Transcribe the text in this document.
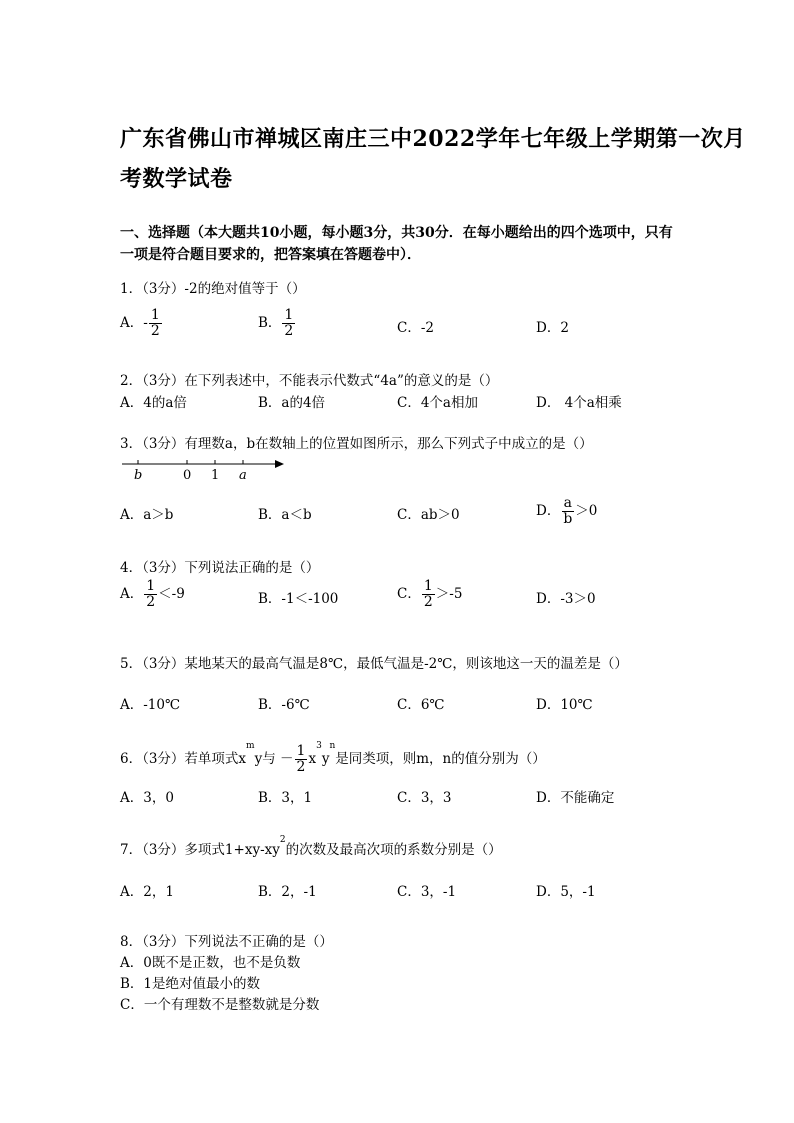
广东省佛山市禅城区南庄三中2022学年七年级上学期第一次月
考数学试卷
一、选择题（本大题共10小题，每小题3分，共30分．在每小题给出的四个选项中，只有一项是符合题目要求的，把答案填在答题卷中）．
1．（3分）-2的绝对值等于（）
A．- $\frac{1}{2}$	B． $\frac{1}{2}$	C．-2	D．2
2．（3分）在下列表述中，不能表示代数式“4a”的意义的是（）
A．4的a倍	B．a的4倍	C．4个a相加	D． 4个a相乘
3．（3分）有理数a，b在数轴上的位置如图所示，那么下列式子中成立的是（）
b	0 1 a
A．a＞b	B．a＜b	C．ab＞0	D． $\frac{a}{b} >0$
4．（3分）下列说法正确的是（）
A． $\frac{1}{2} <-9$	B．-1＜-100	C． $\frac{1}{2} >-5$	D．-3＞0
5．（3分）某地某天的最高气温是8℃，最低气温是-2℃，则该地这一天的温差是（）
A．-10℃	B．-6℃	C．6℃	D．10℃
6．（3分）若单项式$x^my$与 － $\frac{1}{2} x^3y^n$是同类项，则m，n的值分别为（）
A．3，0	B．3，1	C．3，3	D．不能确定
7．（3分）多项式$1+xy-xy^2$的次数及最高次项的系数分别是（）
A．2，1	B．2，-1	C．3，-1	D．5，-1
8．（3分）下列说法不正确的是（）
A．0既不是正数，也不是负数
B．1是绝对值最小的数
C．一个有理数不是整数就是分数
